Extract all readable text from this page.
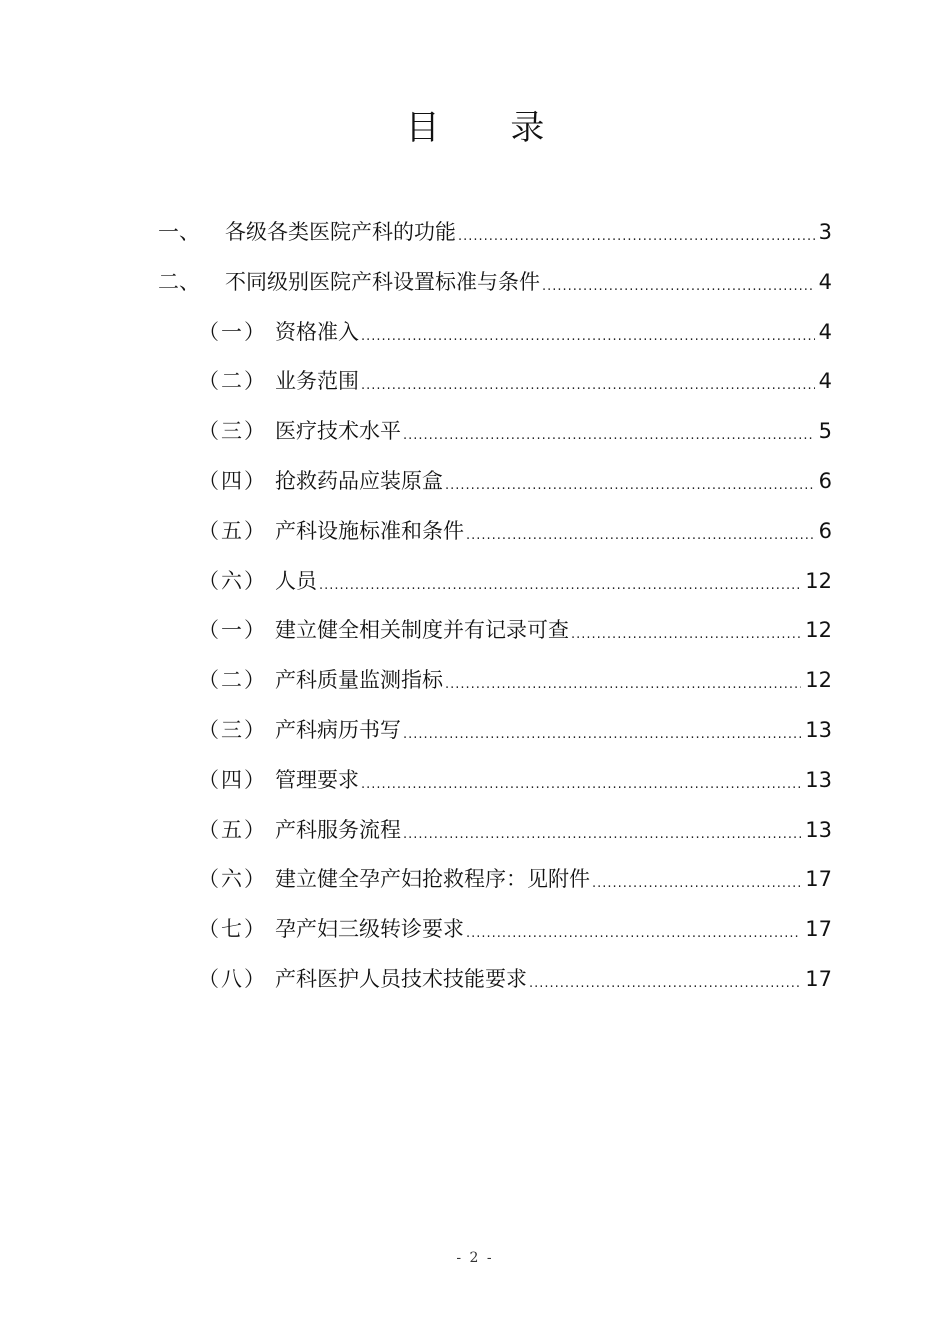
目 录
一、	各级各类医院产科的功能 .....	3
二、	不同级别医院产科设置标准与条件 .....	4
（一） 资格准入 .....	4
（二） 业务范围 .....	4
（三） 医疗技术水平 .....	5
（四） 抢救药品应装原盒 .....	6
（五） 产科设施标准和条件 .....	6
（六） 人员 .....	12
（一） 建立健全相关制度并有记录可查 .....	12
（二） 产科质量监测指标 .....	12
（三） 产科病历书写 .....	13
（四） 管理要求 .....	13
（五） 产科服务流程 .....	13
（六） 建立健全孕产妇抢救程序：见附件 .....	17
（七） 孕产妇三级转诊要求 .....	17
（八） 产科医护人员技术技能要求 .....	17
- 2 -
